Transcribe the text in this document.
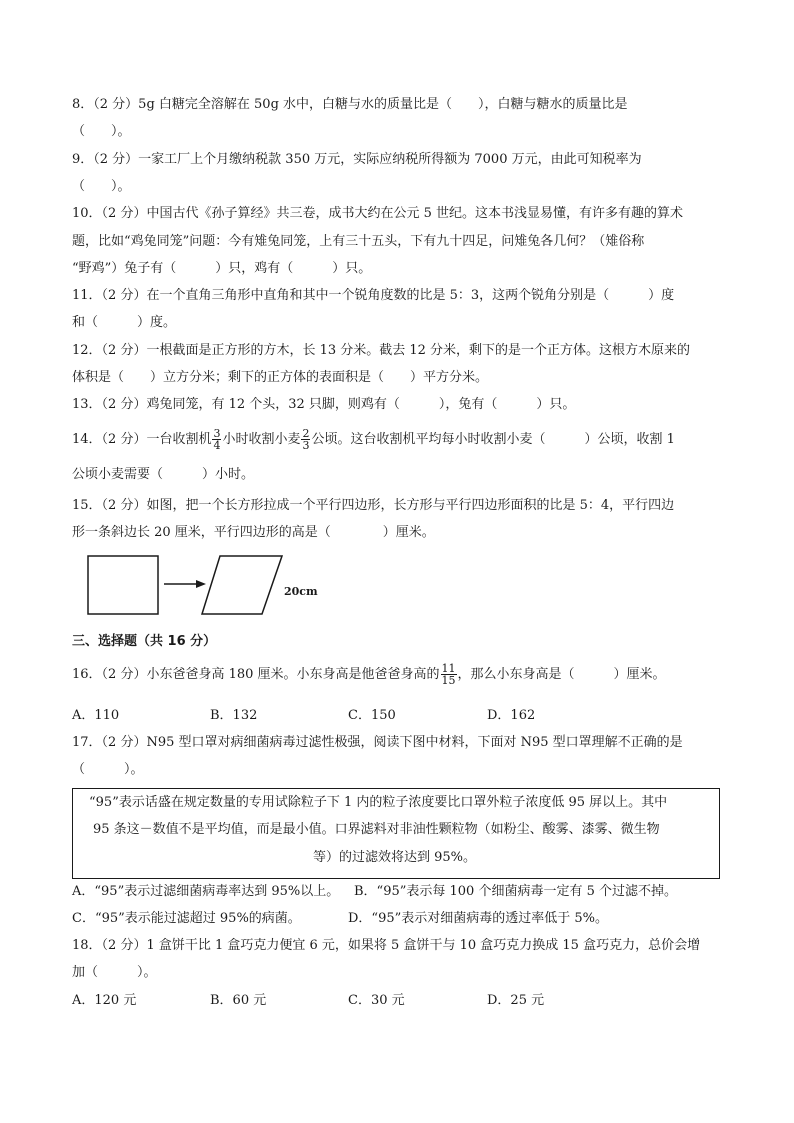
8．（2 分）5g 白糖完全溶解在 50g 水中，白糖与水的质量比是（　　），白糖与糖水的质量比是
（　　）。
9．（2 分）一家工厂上个月缴纳税款 350 万元，实际应纳税所得额为 7000 万元，由此可知税率为
（　　）。
10．（2 分）中国古代《孙子算经》共三卷，成书大约在公元 5 世纪。这本书浅显易懂，有许多有趣的算术
题，比如“鸡兔同笼”问题：今有雉兔同笼，上有三十五头，下有九十四足，问雉兔各几何？（雉俗称
“野鸡”）兔子有（　　　）只，鸡有（　　　）只。
11．（2 分）在一个直角三角形中直角和其中一个锐角度数的比是 5：3，这两个锐角分别是（　　　）度
和（　　　）度。
12．（2 分）一根截面是正方形的方木，长 13 分米。截去 12 分米，剩下的是一个正方体。这根方木原来的
体积是（　　）立方分米；剩下的正方体的表面积是（　　）平方分米。
13．（2 分）鸡兔同笼，有 12 个头，32 只脚，则鸡有（　　　），兔有（　　　）只。
14．（2 分）一台收割机 $\frac{3}{4}$ 小时收割小麦 $\frac{2}{3}$ 公顷。这台收割机平均每小时收割小麦（　　　）公顷，收割 1
公顷小麦需要（　　　）小时。
15．（2 分）如图，把一个长方形拉成一个平行四边形，长方形与平行四边形面积的比是 5：4，平行四边
形一条斜边长 20 厘米，平行四边形的高是（　　　　）厘米。
20cm
三、选择题（共 16 分）
16．（2 分）小东爸爸身高 180 厘米。小东身高是他爸爸身高的 $\frac{11}{15}$ ，那么小东身高是（　　　）厘米。
A．110	B．132	C．150	D．162
17．（2 分）N95 型口罩对病细菌病毒过滤性极强，阅读下图中材料，下面对 N95 型口罩理解不正确的是
（　　　）。
“95”表示话盛在规定数量的专用试除粒子下 1 内的粒子浓度要比口罩外粒子浓度低 95 屏以上。其中
95 条这－数值不是平均值，而是最小值。口界滤料对非油性颗粒物（如粉尘、酸雾、漆雾、微生物
等）的过滤效将达到 95%。
A．“95”表示过滤细菌病毒率达到 95%以上。 B．“95”表示每 100 个细菌病毒一定有 5 个过滤不掉。
C．“95”表示能过滤超过 95%的病菌。	D．“95”表示对细菌病毒的透过率低于 5%。
18．（2 分）1 盒饼干比 1 盒巧克力便宜 6 元，如果将 5 盒饼干与 10 盒巧克力换成 15 盒巧克力，总价会增
加（　　　）。
A．120 元	B．60 元	C．30 元	D．25 元
